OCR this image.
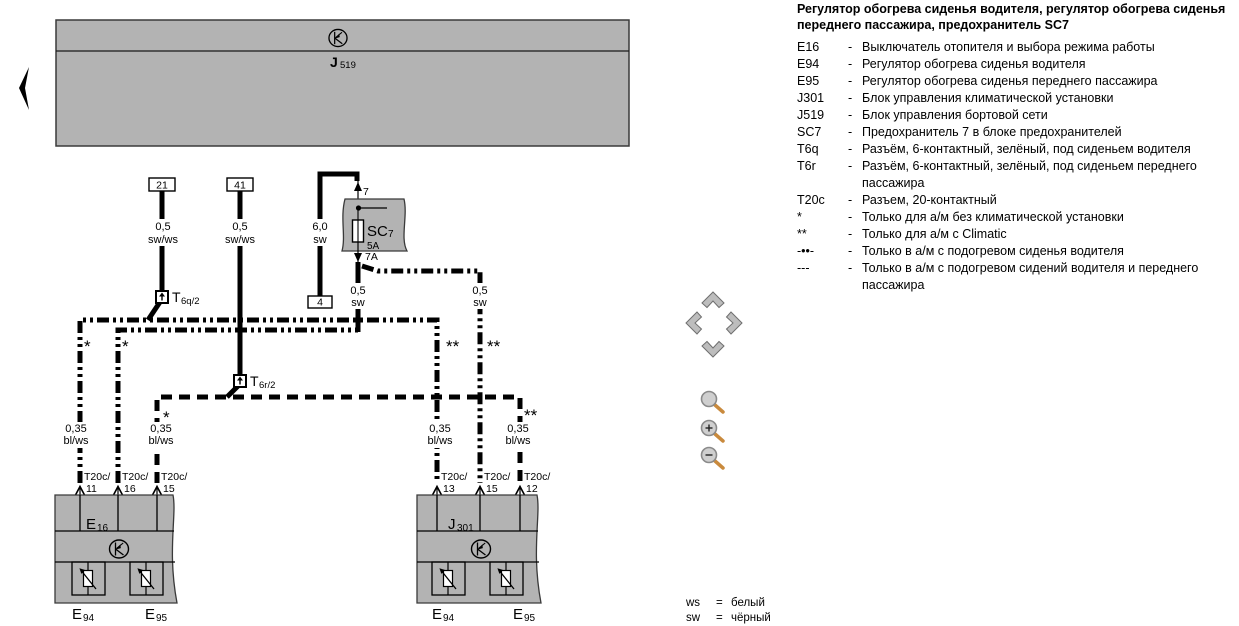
J 519
21	41
4
7
SC 7
5A
7A
T 6q/2
T 6r/2
0,5
sw/ws
0,5
sw/ws
6,0
sw
0,5
sw
0,5
sw
0,35
bl/ws
0,35
bl/ws
0,35
bl/ws
0,35
bl/ws
* *
*
** **
**
T20c/
11
T20c/
16
T20c/
15
T20c/
13
T20c/
15
T20c/
12
E 16
E 94	E 95
J 301
E 94	E 95
Регулятор обогрева сиденья водителя, регулятор обогрева сиденья переднего пассажира, предохранитель SC7
E16	- Выключатель отопителя и выбора режима работы
E94	- Регулятор обогрева сиденья водителя
E95	- Регулятор обогрева сиденья переднего пассажира
J301	- Блок управления климатической установки
J519	- Блок управления бортовой сети
SC7	- Предохранитель 7 в блоке предохранителей
T6q	- Разъём, 6-контактный, зелёный, под сиденьем водителя
T6r	- Разъём, 6-контактный, зелёный, под сиденьем переднего пассажира
T20c	- Разъем, 20-контактный
*	- Только для а/м без климатической установки
**	- Только для а/м с Climatic
-••-	- Только в а/м с подогревом сиденья водителя
---	- Только в а/м с подогревом сидений водителя и переднего пассажира
ws	= белый
sw	= чёрный
